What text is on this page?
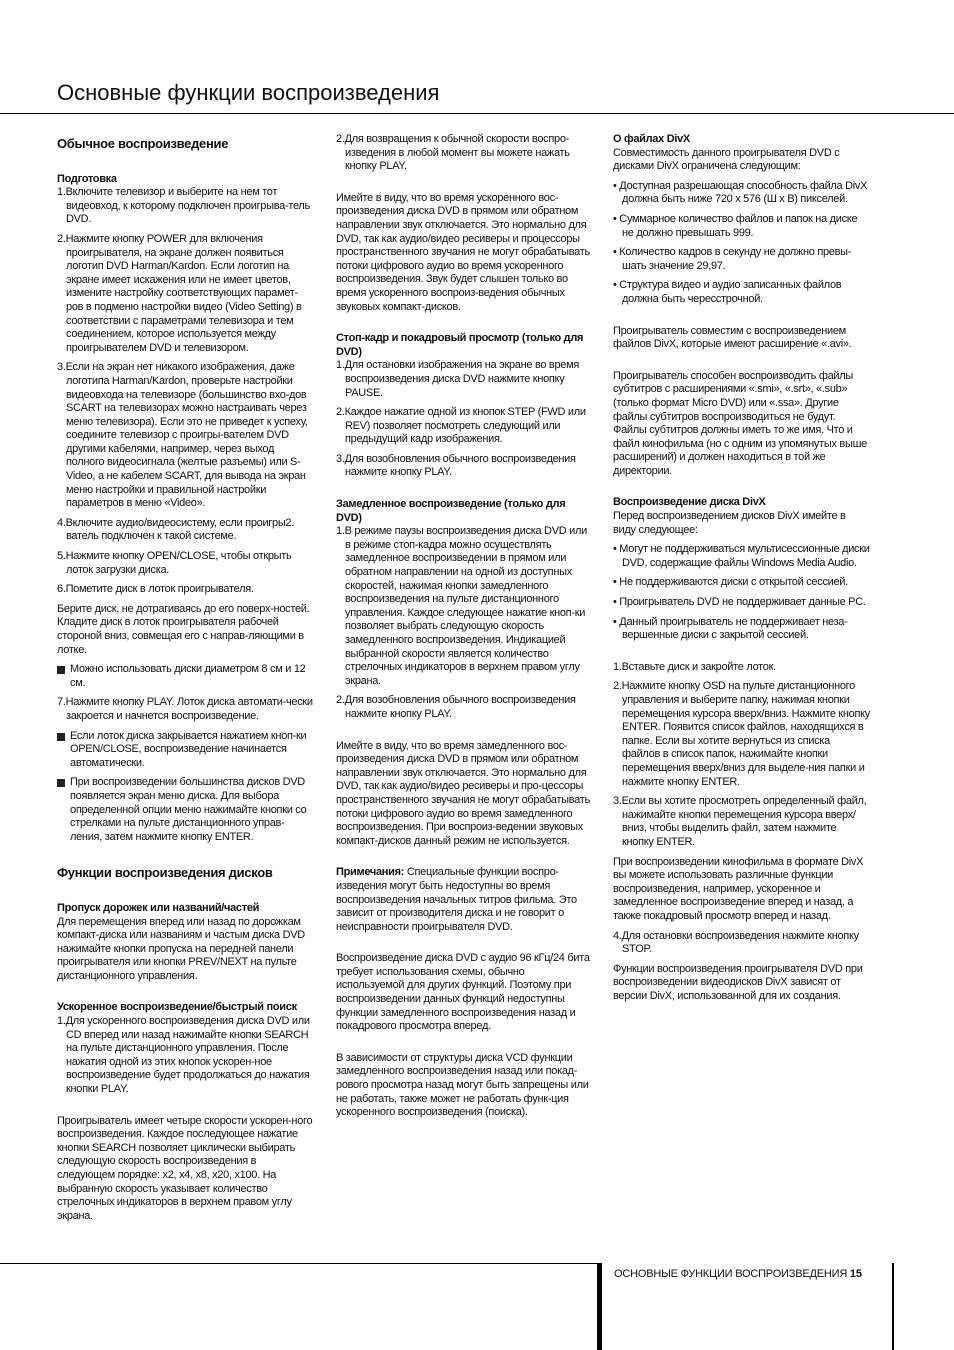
Основные функции воспроизведения
Обычное воспроизведение
Подготовка
1.Включите телевизор и выберите на нем тот видеовход, к которому подключен проигрыва-тель DVD.
2.Нажмите кнопку POWER для включения проигрывателя, на экране должен появиться логотип DVD Harman/Kardon. Если логотип на экране имеет искажения или не имеет цветов, измените настройку соответствующих парамет-ров в подменю настройки видео (Video Setting) в соответствии с параметрами телевизора и тем соединением, которое используется между проигрывателем DVD и телевизором.
3.Если на экран нет никакого изображения, даже логотипа Harman/Kardon, проверьте настройки видеовхода на телевизоре (большинство вхо-дов SCART на телевизорах можно настраивать через меню телевизора). Если это не приведет к успеху, соедините телевизор с проигры-вателем DVD другими кабелями, например, через выход полного видеосигнала (желтые разъемы) или S-Video, а не кабелем SCART, для вывода на экран меню настройки и правильной настройки параметров в меню «Video».
4.Включите аудио/видеосистему, если проигры2. ватель подключен к такой системе.
5.Нажмите кнопку OPEN/CLOSE, чтобы открыть лоток загрузки диска.
6.Пометите диск в лоток проигрывателя.

Берите диск, не дотрагиваясь до его поверх-ностей. Кладите диск в лоток проигрывателя рабочей стороной вниз, совмещая его с направ-ляющими в лотке.

Можно использовать диски диаметром 8 см и 12 см.
7.Нажмите кнопку PLAY. Лоток диска автомати-чески закроется и начнется воспроизведение.
Если лоток диска закрывается нажатием кноп-ки OPEN/CLOSE, воспроизведение начинается автоматически.
При воспроизведении большинства дисков DVD появляется экран меню диска. Для выбора определенной опции меню нажимайте кнопки со стрелками на пульте дистанционного управ-ления, затем нажмите кнопку ENTER.
Функции воспроизведения дисков
Пропуск дорожек или названий/частей

Для перемещения вперед или назад по дорожкам компакт-диска или названиям и частым диска DVD нажимайте кнопки пропуска на передней панели проигрывателя или кнопки PREV/NEXT на пульте дистанционного управления.

Ускоренное воспроизведение/быстрый поиск
1.Для ускоренного воспроизведения диска DVD или CD вперед или назад нажимайте кнопки SEARCH на пульте дистанционного управления. После нажатия одной из этих кнопок ускорен-ное воспроизведение будет продолжаться до нажатия кнопки PLAY.

Проигрыватель имеет четыре скорости ускорен-ного воспроизведения. Каждое последующее нажатие кнопки SEARCH позволяет циклически выбирать следующую скорость воспроизведения в следующем порядке: x2, x4, x8, x20, x100. На выбранную скорость указывает количество стрелочных индикаторов в верхнем правом углу экрана.

2.Для возвращения к обычной скорости воспро-изведения в любой момент вы можете нажать кнопку PLAY.

Имейте в виду, что во время ускоренного вос-произведения диска DVD в прямом или обратном направлении звук отключается. Это нормально для DVD, так как аудио/видео ресиверы и процессоры пространственного звучания не могут обрабатывать потоки цифрового аудио во время ускоренного воспроизведения. Звук будет слышен только во время ускоренного воспроиз-ведения обычных звуковых компакт-дисков.

Стоп-кадр и покадровый просмотр (только для DVD)
1.Для остановки изображения на экране во время воспроизведения диска DVD нажмите кнопку PAUSE.
2.Каждое нажатие одной из кнопок STEP (FWD или REV) позволяет посмотреть следующий или предыдущий кадр изображения.
3.Для возобновления обычного воспроизведения нажмите кнопку PLAY.
Замедленное воспроизведение (только для DVD)
1.В режиме паузы воспроизведения диска DVD или в режиме стоп-кадра можно осуществлять замедленное воспроизведении в прямом или обратном направлении на одной из доступных скоростей, нажимая кнопки замедленного воспроизведения на пульте дистанционного управления. Каждое следующее нажатие кноп-ки позволяет выбрать следующую скорость замедленного воспроизведения. Индикацией выбранной скорости является количество стрелочных индикаторов в верхнем правом углу экрана.
2.Для возобновления обычного воспроизведения нажмите кнопку PLAY.

Имейте в виду, что во время замедленного вос-произведения диска DVD в прямом или обратном направлении звук отключается. Это нормально для DVD, так как аудио/видео ресиверы и про-цессоры пространственного звучания не могут обрабатывать потоки цифрового аудио во время замедленного воспроизведения. При воспроиз-ведении звуковых компакт-дисков данный режим не используется.

Примечания: Специальные функции воспро-изведения могут быть недоступны во время воспроизведения начальных титров фильма. Это зависит от производителя диска и не говорит о неисправности проигрывателя DVD.

Воспроизведение диска DVD с аудио 96 кГц/24 бита требует использования схемы, обычно используемой для других функций. Поэтому при воспроизведении данных функций недоступны функции замедленного воспроизведения назад и покадрового просмотра вперед.

В зависимости от структуры диска VCD функции замедленного воспроизведения назад или покад-рового просмотра назад могут быть запрещены или не работать, также может не работать функ-ция ускоренного воспроизведения (поиска).

О файлах DivX

Совместимость данного проигрывателя DVD с дисками DivX ограничена следующим:

• Доступная разрешающая способность файла DivX должна быть ниже 720 x 576 (Ш x В) пикселей.
• Суммарное количество файлов и папок на диске не должно превышать 999.
• Количество кадров в секунду не должно превы-шать значение 29,97.
• Структура видео и аудио записанных файлов должна быть чересстрочной.

Проигрыватель совместим с воспроизведением файлов DivX, которые имеют расширение «.avi».

Проигрыватель способен воспроизводить файлы субтитров с расширениями «.smi», «.srt», «.sub» (только формат Micro DVD) или «.ssa». Другие файлы субтитров воспроизводиться не будут. Файлы субтитров должны иметь то же имя. Что и файл кинофильма (но с одним из упомянутых выше расширений) и должен находиться в той же директории.

Воспроизведение диска DivX

Перед воспроизведением дисков DivX имейте в виду следующее:

• Могут не поддерживаться мультисессионные диски DVD, содержащие файлы Windows Media Audio.
• Не поддерживаются диски с открытой сессией.
• Проигрыватель DVD не поддерживает данные PC.
• Данный проигрыватель не поддерживает неза-вершенные диски с закрытой сессией.
1.Вставьте диск и закройте лоток.
2.Нажмите кнопку OSD на пульте дистанционного управления и выберите папку, нажимая кнопки перемещения курсора вверх/вниз. Нажмите кнопку ENTER. Появится список файлов, находящихся в папке. Если вы хотите вернуться из списка файлов в список папок, нажимайте кнопки перемещения вверх/вниз для выделе-ния папки и нажмите кнопку ENTER.
3.Если вы хотите просмотреть определенный файл, нажимайте кнопки перемещения курсора вверх/вниз, чтобы выделить файл, затем нажмите кнопку ENTER.

При воспроизведении кинофильма в формате DivX вы можете использовать различные функции воспроизведения, например, ускоренное и замедленное воспроизведение вперед и назад, а также покадровый просмотр вперед и назад.

4.Для остановки воспроизведения нажмите кнопку STOP.

Функции воспроизведения проигрывателя DVD при воспроизведении видеодисков DivX зависят от версии DivX, использованной для их создания.

ОСНОВНЫЕ ФУНКЦИИ ВОСПРОИЗВЕДЕНИЯ 15
